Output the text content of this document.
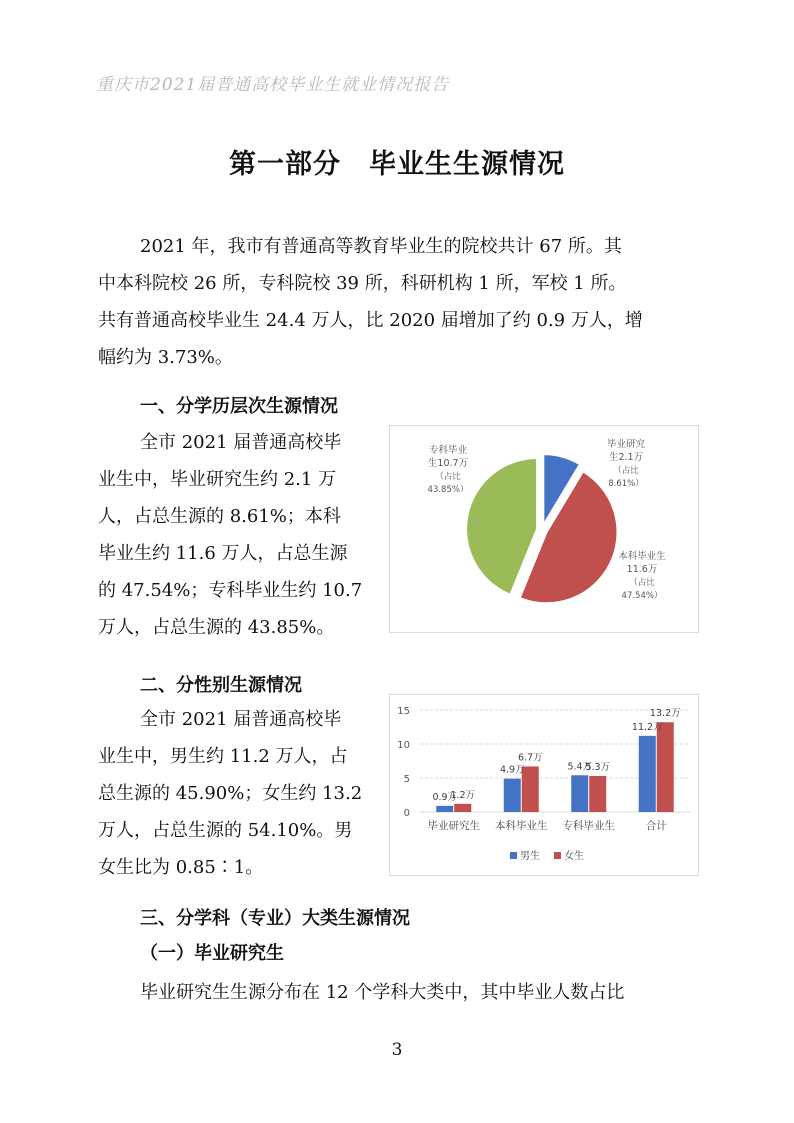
重庆市2021届普通高校毕业生就业情况报告
第一部分　毕业生生源情况

2021 年，我市有普通高等教育毕业生的院校共计 67 所。其

中本科院校 26 所，专科院校 39 所，科研机构 1 所，军校 1 所。

共有普通高校毕业生 24.4 万人，比 2020 届增加了约 0.9 万人，增

幅约为 3.73%。

一、分学历层次生源情况

全市 2021 届普通高校毕

业生中，毕业研究生约 2.1 万

人，占总生源的 8.61%；本科

毕业生约 11.6 万人，占总生源

的 47.54%；专科毕业生约 10.7

万人，占总生源的 43.85%。

毕业研究
生2.1万
（占比
8.61%）
本科毕业生
11.6万
（占比
47.54%）
专科毕业
生10.7万
（占比
43.85%）

二、分性别生源情况

全市 2021 届普通高校毕

业生中，男生约 11.2 万人，占

总生源的 45.90%；女生约 13.2

万人，占总生源的 54.10%。男

女生比为 0.85∶1。

0
5
10
15
0.9万
1.2万
毕业研究生
4.9万
6.7万
本科毕业生
5.4万
5.3万
专科毕业生
11.2万
13.2万
合计
男生 女生

三、分学科（专业）大类生源情况

（一）毕业研究生

毕业研究生生源分布在 12 个学科大类中，其中毕业人数占比

3
